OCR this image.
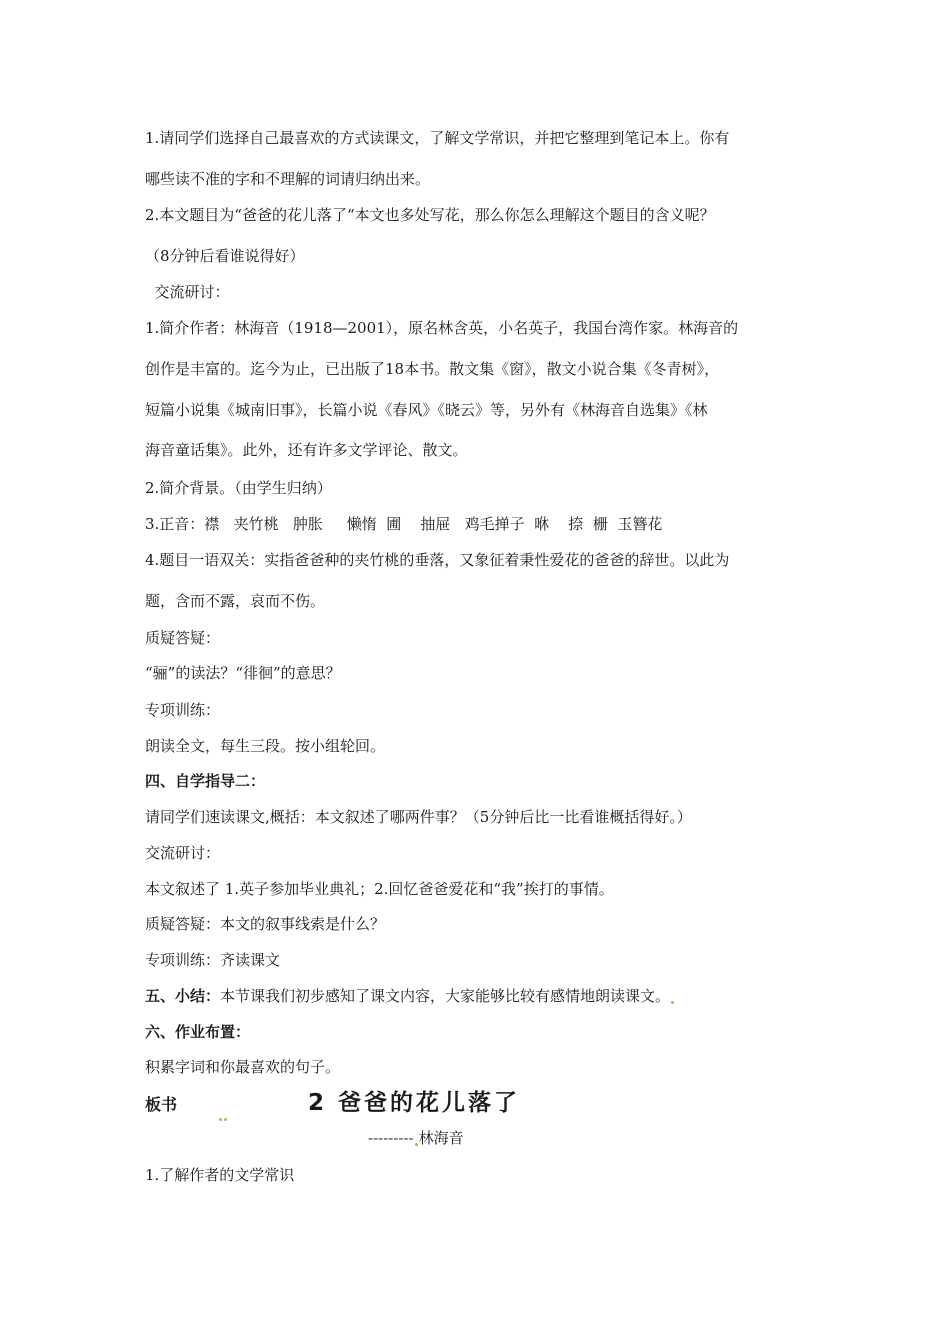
1.请同学们选择自己最喜欢的方式读课文，了解文学常识，并把它整理到笔记本上。你有
哪些读不准的字和不理解的词请归纳出来。
2.本文题目为“爸爸的花儿落了“本文也多处写花，那么你怎么理解这个题目的含义呢？
（8分钟后看谁说得好）
交流研讨：
1.简介作者：林海音（1918—2001），原名林含英，小名英子，我国台湾作家。林海音的
创作是丰富的。迄今为止，已出版了18本书。散文集《窗》，散文小说合集《冬青树》，
短篇小说集《城南旧事》，长篇小说《春风》《晓云》等，另外有《林海音自选集》《林
海音童话集》。此外，还有许多文学评论、散文。
2.简介背景。（由学生归纳）
3.正音：襟   夹竹桃   肿胀     懒惰  圃    抽屉   鸡毛掸子  咻    捺  栅  玉簪花
4.题目一语双关：实指爸爸种的夹竹桃的垂落，又象征着秉性爱花的爸爸的辞世。以此为
题，含而不露，哀而不伤。
质疑答疑：
“骊”的读法？“徘徊”的意思？
专项训练：
朗读全文，每生三段。按小组轮回。
四、自学指导二：
请同学们速读课文,概括：本文叙述了哪两件事？（5分钟后比一比看谁概括得好。）
交流研讨：
本文叙述了 1.英子参加毕业典礼；2.回忆爸爸爱花和“我”挨打的事情。
质疑答疑：本文的叙事线索是什么？
专项训练：齐读课文
五、小结：本节课我们初步感知了课文内容，大家能够比较有感情地朗读课文。
六、作业布置：
积累字词和你最喜欢的句子。
板书	2 爸爸的花儿落了
--------- 林海音
1.了解作者的文学常识
